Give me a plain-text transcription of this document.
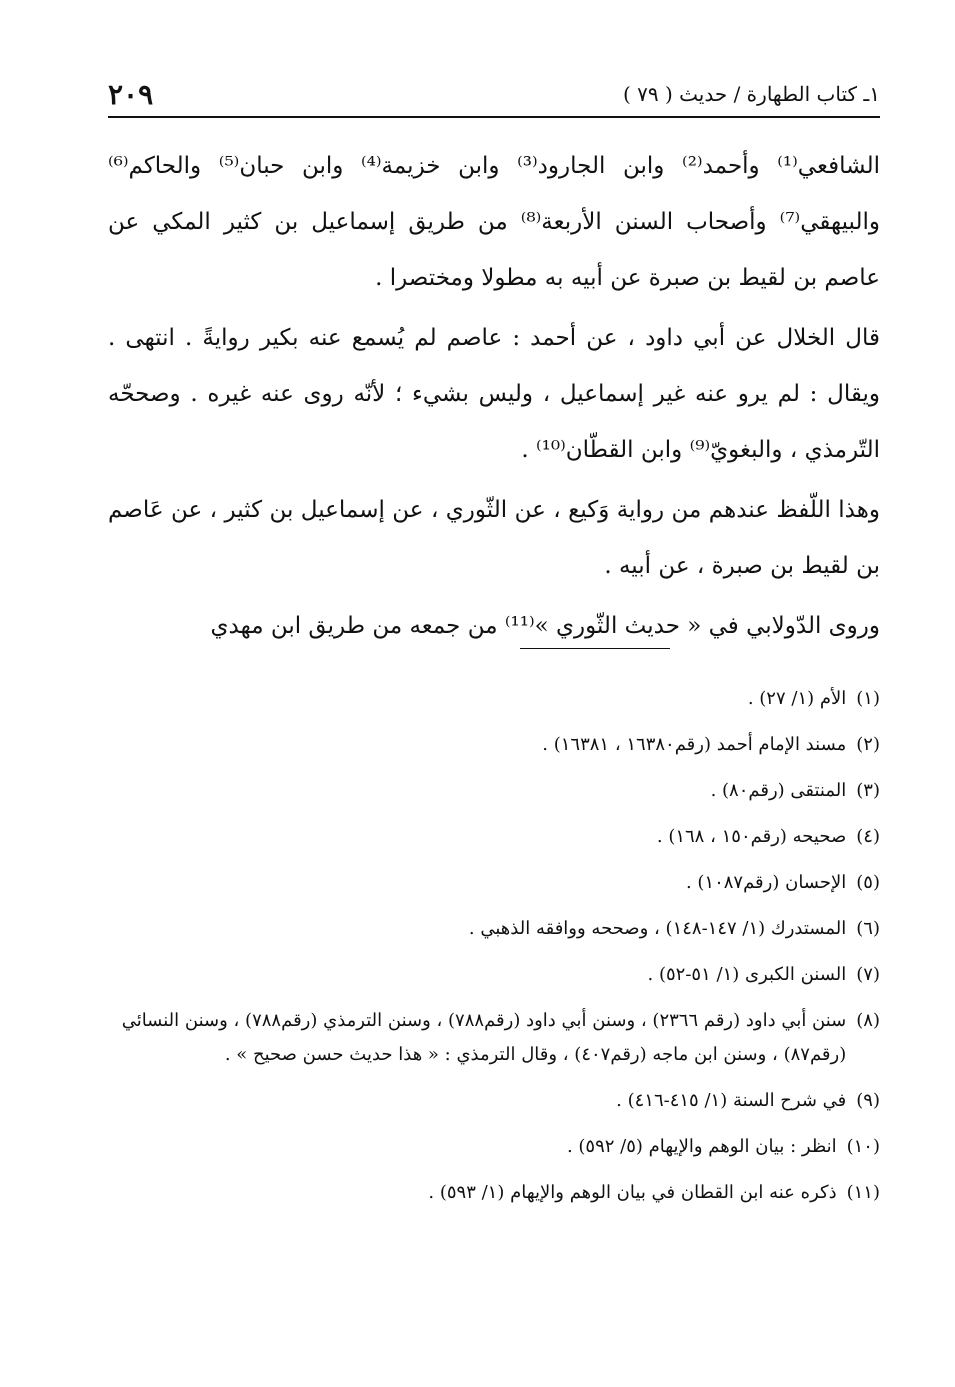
٢٠٩	١ـ كتاب الطهارة / حديث ( ٧٩ )

الشافعي⁽¹⁾ وأحمد⁽²⁾ وابن الجارود⁽³⁾ وابن خزيمة⁽⁴⁾ وابن حبان⁽⁵⁾ والحاكم⁽⁶⁾ والبيهقي⁽⁷⁾ وأصحاب السنن الأربعة⁽⁸⁾ من طريق إسماعيل بن كثير المكي عن عاصم بن لقيط بن صبرة عن أبيه به مطولا ومختصرا .

قال الخلال عن أبي داود ، عن أحمد : عاصم لم يُسمع عنه بكير روايةً . انتهى . ويقال : لم يرو عنه غير إسماعيل ، وليس بشيء ؛ لأنّه روى عنه غيره . وصححّه التّرمذي ، والبغويّ⁽⁹⁾ وابن القطّان⁽¹⁰⁾ .

وهذا اللّفظ عندهم من رواية وَكيع ، عن الثّوري ، عن إسماعيل بن كثير ، عن عَاصم بن لقيط بن صبرة ، عن أبيه .

وروى الدّولابي في « حديث الثّوري »⁽¹¹⁾ من جمعه من طريق ابن مهدي

(١)
الأم (١/ ٢٧) .
(٢)
مسند الإمام أحمد (رقم١٦٣٨٠ ، ١٦٣٨١) .
(٣)
المنتقى (رقم٨٠) .
(٤)
صحيحه (رقم١٥٠ ، ١٦٨) .
(٥)
الإحسان (رقم١٠٨٧) .
(٦)
المستدرك (١/ ١٤٧-١٤٨) ، وصححه ووافقه الذهبي .
(٧)
السنن الكبرى (١/ ٥١-٥٢) .
(٨)
سنن أبي داود (رقم ٢٣٦٦) ، وسنن أبي داود (رقم٧٨٨) ، وسنن الترمذي (رقم٧٨٨) ، وسنن النسائي (رقم٨٧) ، وسنن ابن ماجه (رقم٤٠٧) ، وقال الترمذي : « هذا حديث حسن صحيح » .
(٩)
في شرح السنة (١/ ٤١٥-٤١٦) .
(١٠)
انظر : بيان الوهم والإيهام (٥/ ٥٩٢) .
(١١)
ذكره عنه ابن القطان في بيان الوهم والإيهام (١/ ٥٩٣) .
